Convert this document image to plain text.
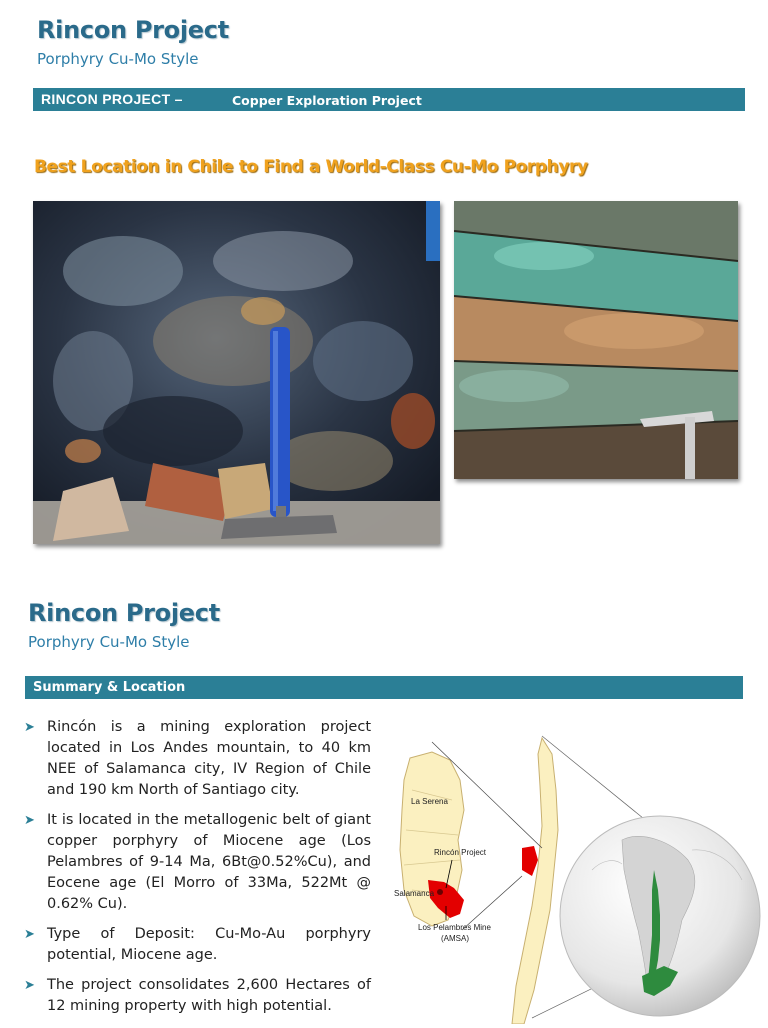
Rincon Project
Porphyry Cu-Mo Style
RINCON PROJECT –	Copper Exploration Project
Best Location in Chile to Find a World-Class Cu-Mo Porphyry
Rincon Project
Porphyry Cu-Mo Style
Summary & Location
➤ Rincón is a mining exploration project located in Los Andes mountain, to 40 km NEE of Salamanca city, IV Region of Chile and 190 km North of Santiago city.
➤ It is located in the metallogenic belt of giant copper porphyry of Miocene age (Los Pelambres of 9-14 Ma, 6Bt@0.52%Cu), and Eocene age (El Morro of 33Ma, 522Mt @ 0.62% Cu).
➤ Type of Deposit: Cu-Mo-Au porphyry potential, Miocene age.
➤ The project consolidates 2,600 Hectares of 12 mining property with high potential.
La Serena
Rincón Project
Salamanca
Los Pelambres Mine
(AMSA)
